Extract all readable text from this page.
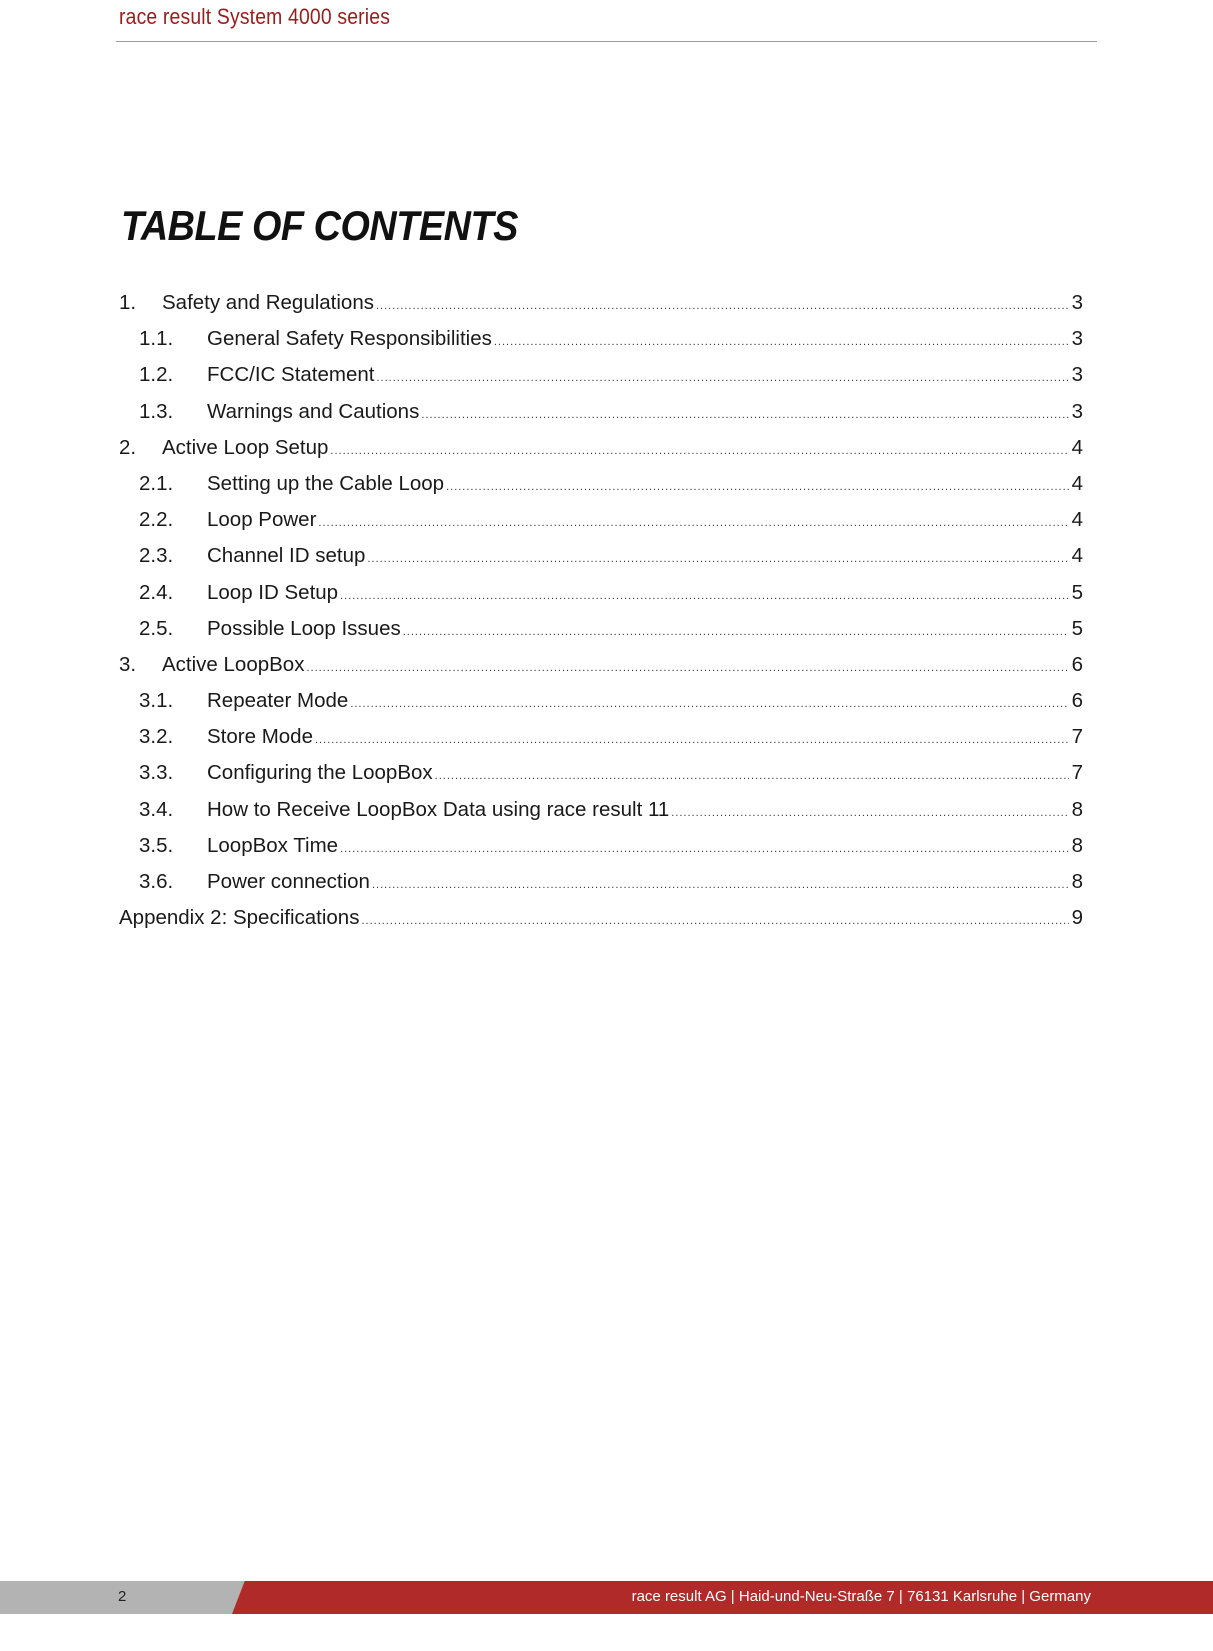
race result System 4000 series
TABLE OF CONTENTS
1.	Safety and Regulations .....	3
1.1.	General Safety Responsibilities .....	3
1.2.	FCC/IC Statement .....	3
1.3.	Warnings and Cautions .....	3
2.	Active Loop Setup .....	4
2.1.	Setting up the Cable Loop .....	4
2.2.	Loop Power .....	4
2.3.	Channel ID setup .....	4
2.4.	Loop ID Setup .....	5
2.5.	Possible Loop Issues .....	5
3.	Active LoopBox .....	6
3.1.	Repeater Mode .....	6
3.2.	Store Mode .....	7
3.3.	Configuring the LoopBox .....	7
3.4.	How to Receive LoopBox Data using race result 11 .....	8
3.5.	LoopBox Time .....	8
3.6.	Power connection .....	8
Appendix 2: Specifications .....	9
2	race result AG | Haid-und-Neu-Straße 7 | 76131 Karlsruhe | Germany
